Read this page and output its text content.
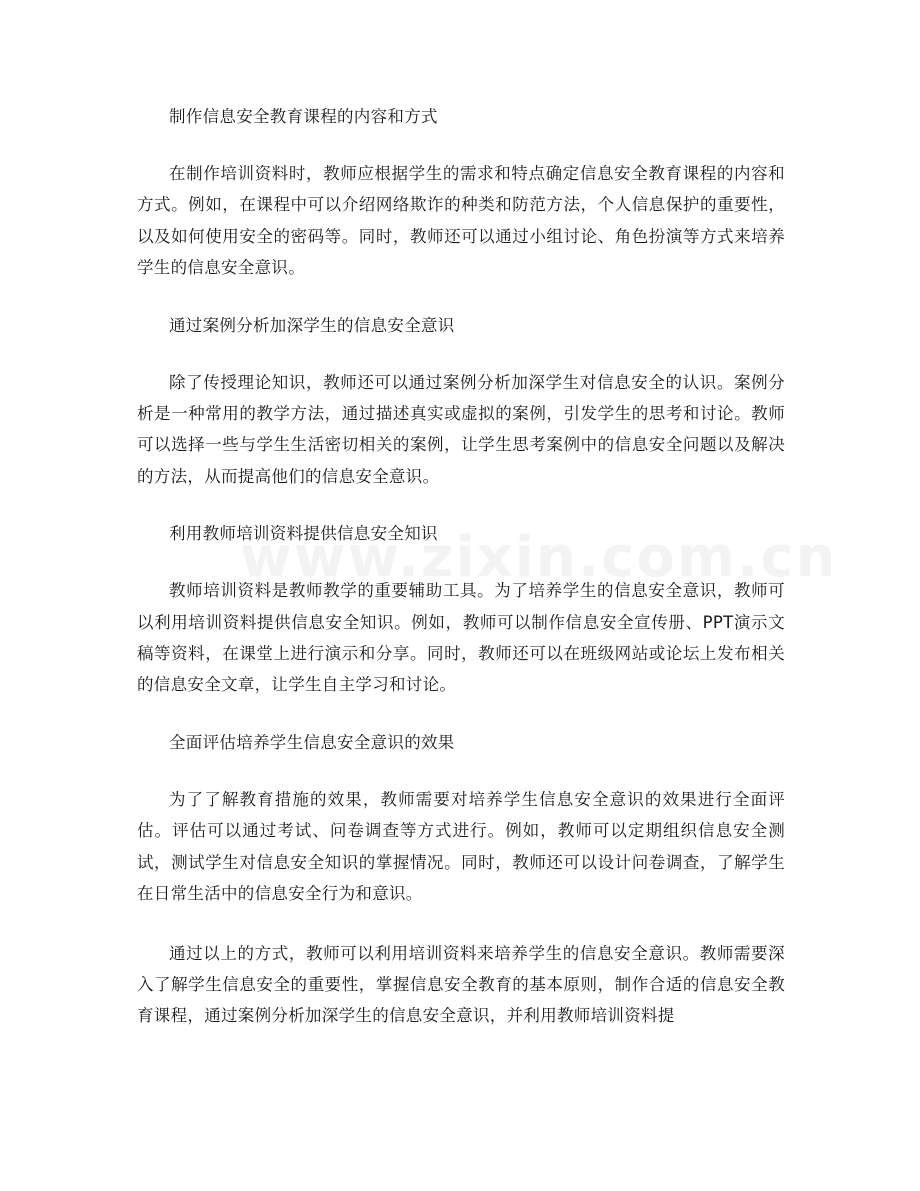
制作信息安全教育课程的内容和方式

在制作培训资料时，教师应根据学生的需求和特点确定信息安全教育课程的内容和方式。例如，在课程中可以介绍网络欺诈的种类和防范方法，个人信息保护的重要性，以及如何使用安全的密码等。同时，教师还可以通过小组讨论、角色扮演等方式来培养学生的信息安全意识。

通过案例分析加深学生的信息安全意识

除了传授理论知识，教师还可以通过案例分析加深学生对信息安全的认识。案例分析是一种常用的教学方法，通过描述真实或虚拟的案例，引发学生的思考和讨论。教师可以选择一些与学生生活密切相关的案例，让学生思考案例中的信息安全问题以及解决的方法，从而提高他们的信息安全意识。

利用教师培训资料提供信息安全知识

教师培训资料是教师教学的重要辅助工具。为了培养学生的信息安全意识，教师可以利用培训资料提供信息安全知识。例如，教师可以制作信息安全宣传册、PPT演示文稿等资料，在课堂上进行演示和分享。同时，教师还可以在班级网站或论坛上发布相关的信息安全文章，让学生自主学习和讨论。

全面评估培养学生信息安全意识的效果

为了了解教育措施的效果，教师需要对培养学生信息安全意识的效果进行全面评估。评估可以通过考试、问卷调查等方式进行。例如，教师可以定期组织信息安全测试，测试学生对信息安全知识的掌握情况。同时，教师还可以设计问卷调查，了解学生在日常生活中的信息安全行为和意识。

通过以上的方式，教师可以利用培训资料来培养学生的信息安全意识。教师需要深入了解学生信息安全的重要性，掌握信息安全教育的基本原则，制作合适的信息安全教育课程，通过案例分析加深学生的信息安全意识，并利用教师培训资料提
